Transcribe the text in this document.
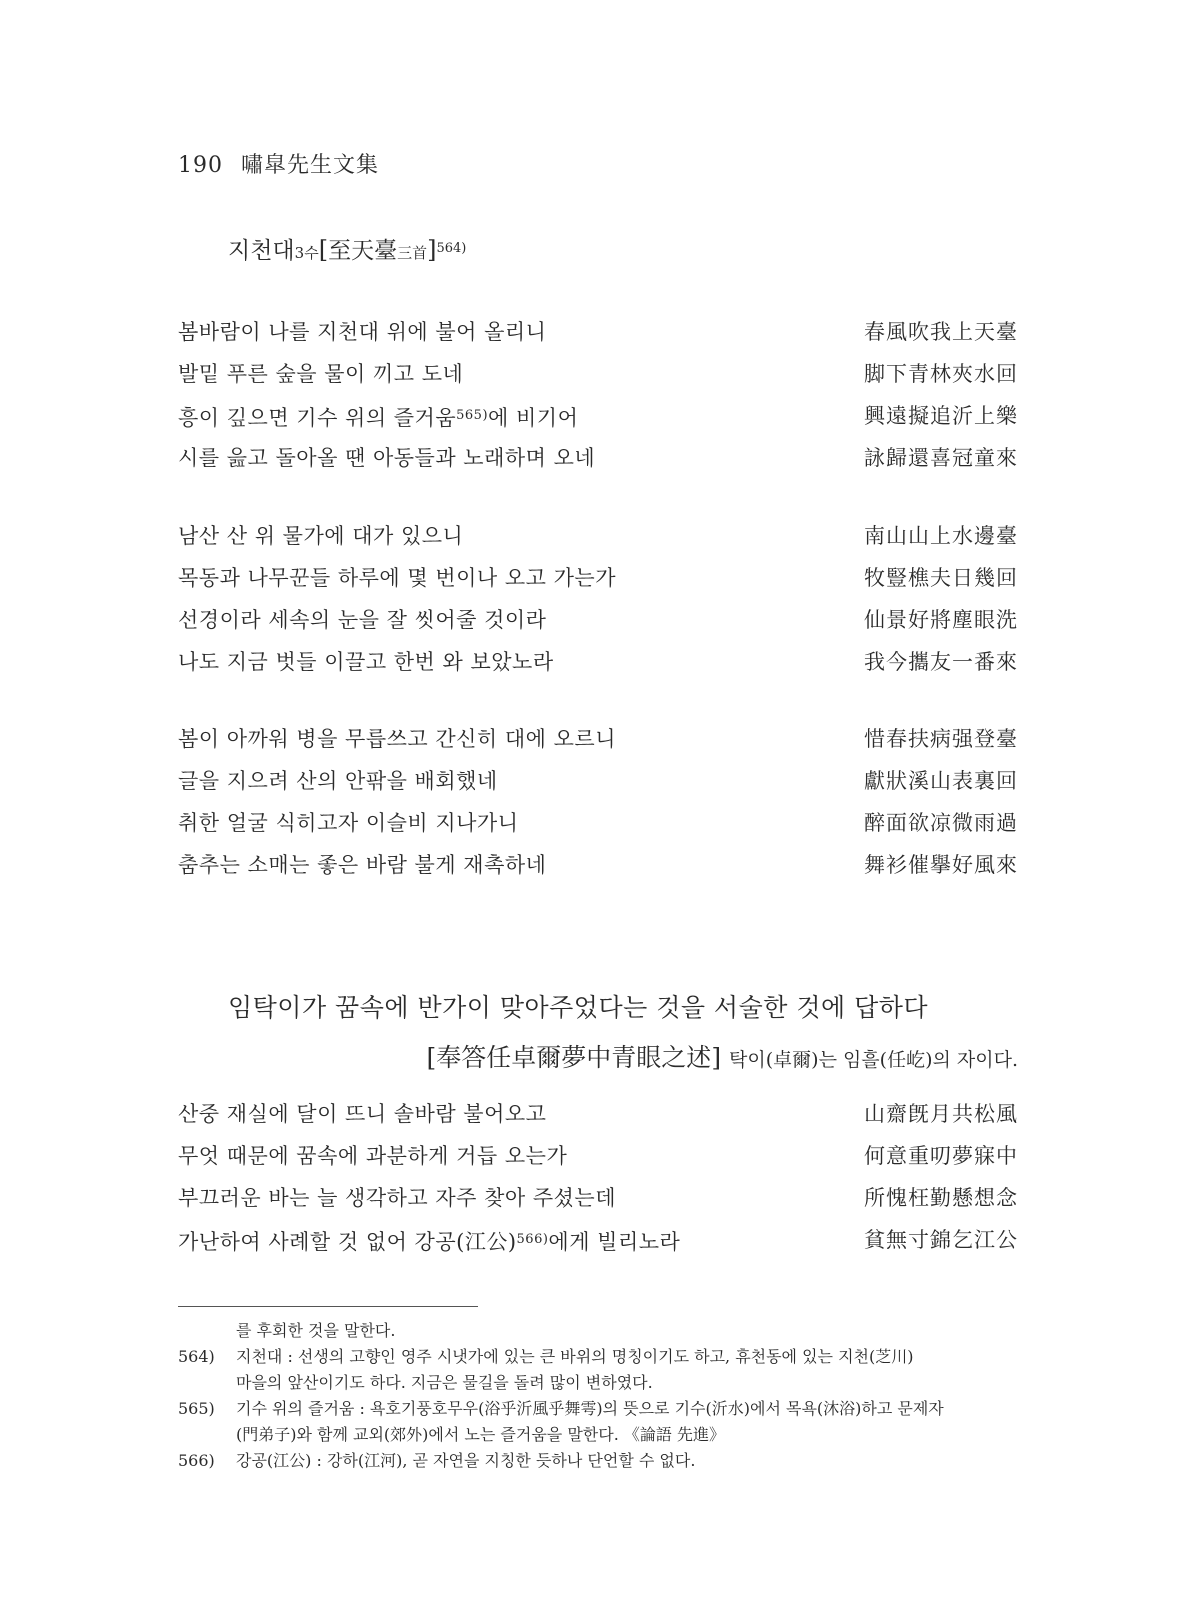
190 嘯皐先生文集
지천대3수[至天臺三首]$^{564)}$
봄바람이 나를 지천대 위에 불어 올리니	春風吹我上天臺
발밑 푸른 숲을 물이 끼고 도네	脚下青林夾水回
흥이 깊으면 기수 위의 즐거움$^{565)}$에 비기어	興遠擬追沂上樂
시를 읊고 돌아올 땐 아동들과 노래하며 오네	詠歸還喜冠童來
남산 산 위 물가에 대가 있으니	南山山上水邊臺
목동과 나무꾼들 하루에 몇 번이나 오고 가는가	牧豎樵夫日幾回
선경이라 세속의 눈을 잘 씻어줄 것이라	仙景好將塵眼洗
나도 지금 벗들 이끌고 한번 와 보았노라	我今攜友一番來
봄이 아까워 병을 무릅쓰고 간신히 대에 오르니	惜春扶病强登臺
글을 지으려 산의 안팎을 배회했네	獻狀溪山表裏回
취한 얼굴 식히고자 이슬비 지나가니	醉面欲凉微雨過
춤추는 소매는 좋은 바람 불게 재촉하네	舞衫催擧好風來
임탁이가 꿈속에 반가이 맞아주었다는 것을 서술한 것에 답하다
[奉答任卓爾夢中青眼之述] 탁이(卓爾)는 임흘(任屹)의 자이다.
산중 재실에 달이 뜨니 솔바람 불어오고	山齋旣月共松風
무엇 때문에 꿈속에 과분하게 거듭 오는가	何意重叨夢寐中
부끄러운 바는 늘 생각하고 자주 찾아 주셨는데	所愧枉勤懸想念
가난하여 사례할 것 없어 강공(江公)$^{566)}$에게 빌리노라	貧無寸錦乞江公
를 후회한 것을 말한다.
564) 지천대 : 선생의 고향인 영주 시냇가에 있는 큰 바위의 명칭이기도 하고, 휴천동에 있는 지천(芝川)
마을의 앞산이기도 하다. 지금은 물길을 돌려 많이 변하였다.
565) 기수 위의 즐거움 : 욕호기풍호무우(浴乎沂風乎舞雩)의 뜻으로 기수(沂水)에서 목욕(沐浴)하고 문제자
(門弟子)와 함께 교외(郊外)에서 노는 즐거움을 말한다. 《論語 先進》
566) 강공(江公) : 강하(江河), 곧 자연을 지칭한 듯하나 단언할 수 없다.
